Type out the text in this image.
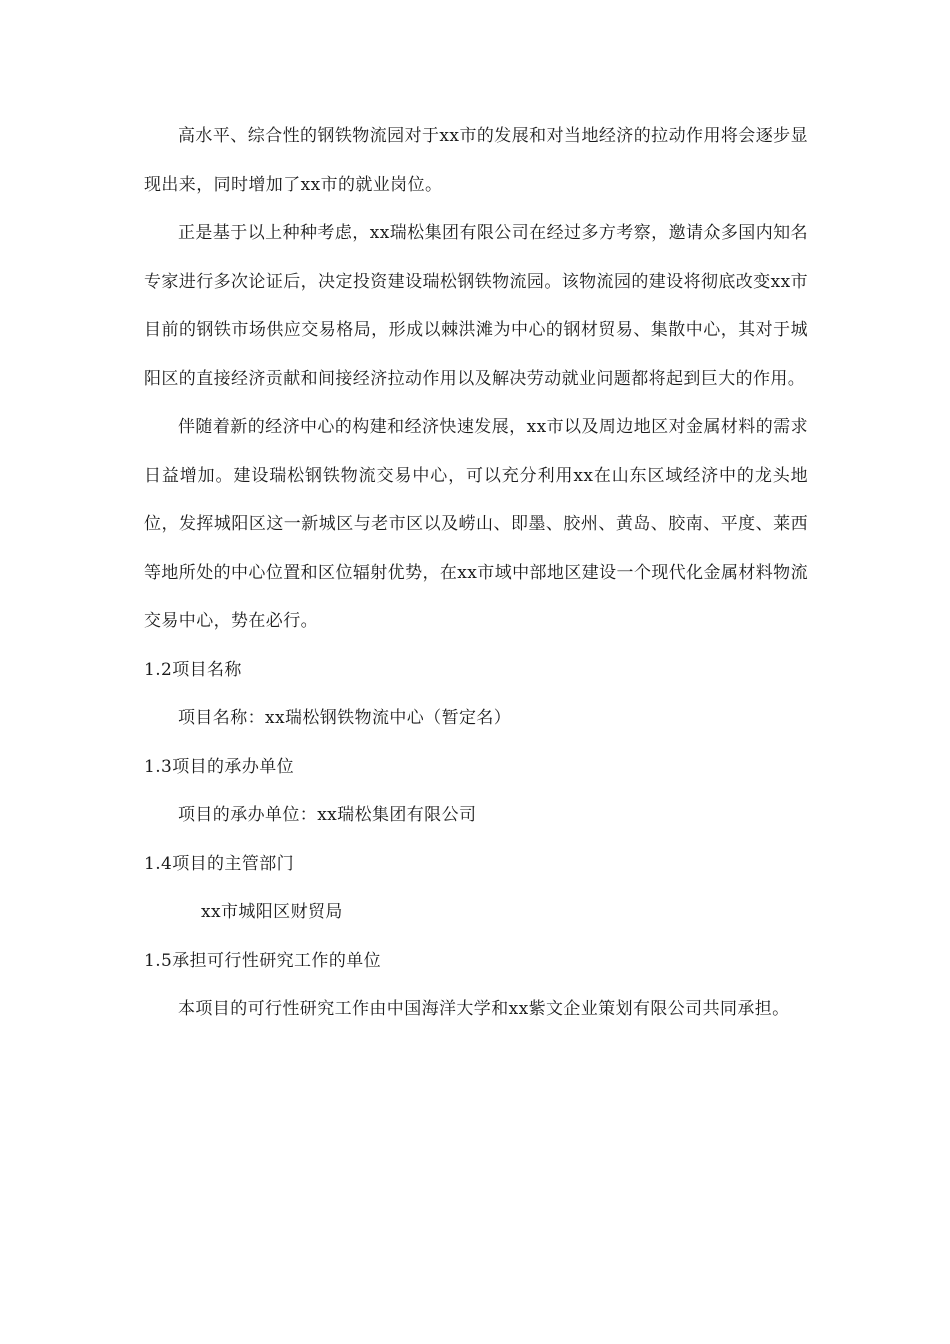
高水平、综合性的钢铁物流园对于xx市的发展和对当地经济的拉动作用将会逐步显现出来，同时增加了xx市的就业岗位。

正是基于以上种种考虑，xx瑞松集团有限公司在经过多方考察，邀请众多国内知名专家进行多次论证后，决定投资建设瑞松钢铁物流园。该物流园的建设将彻底改变xx市目前的钢铁市场供应交易格局，形成以棘洪滩为中心的钢材贸易、集散中心，其对于城阳区的直接经济贡献和间接经济拉动作用以及解决劳动就业问题都将起到巨大的作用。

伴随着新的经济中心的构建和经济快速发展，xx市以及周边地区对金属材料的需求日益增加。建设瑞松钢铁物流交易中心，可以充分利用xx在山东区域经济中的龙头地位，发挥城阳区这一新城区与老市区以及崂山、即墨、胶州、黄岛、胶南、平度、莱西等地所处的中心位置和区位辐射优势，在xx市域中部地区建设一个现代化金属材料物流交易中心，势在必行。

1.2项目名称

项目名称：xx瑞松钢铁物流中心（暂定名）

1.3项目的承办单位

项目的承办单位：xx瑞松集团有限公司

1.4项目的主管部门

xx市城阳区财贸局

1.5承担可行性研究工作的单位

本项目的可行性研究工作由中国海洋大学和xx紫文企业策划有限公司共同承担。
